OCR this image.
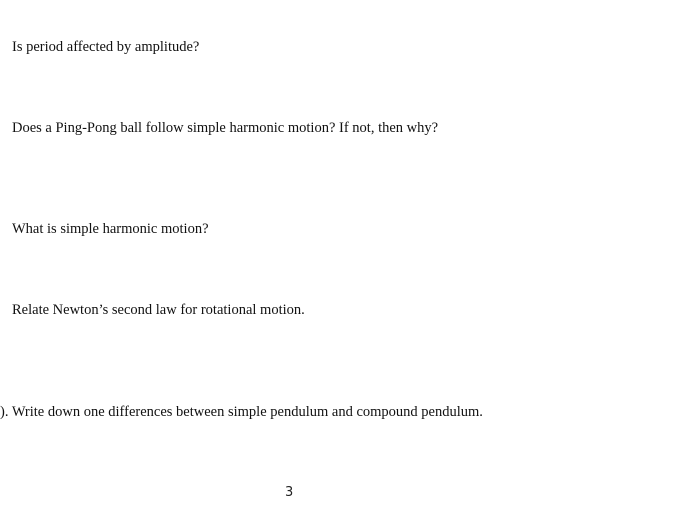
Is period affected by amplitude?

Does a Ping-Pong ball follow simple harmonic motion? If not, then why?

What is simple harmonic motion?

Relate Newton’s second law for rotational motion.

). Write down one differences between simple pendulum and compound pendulum.

3
